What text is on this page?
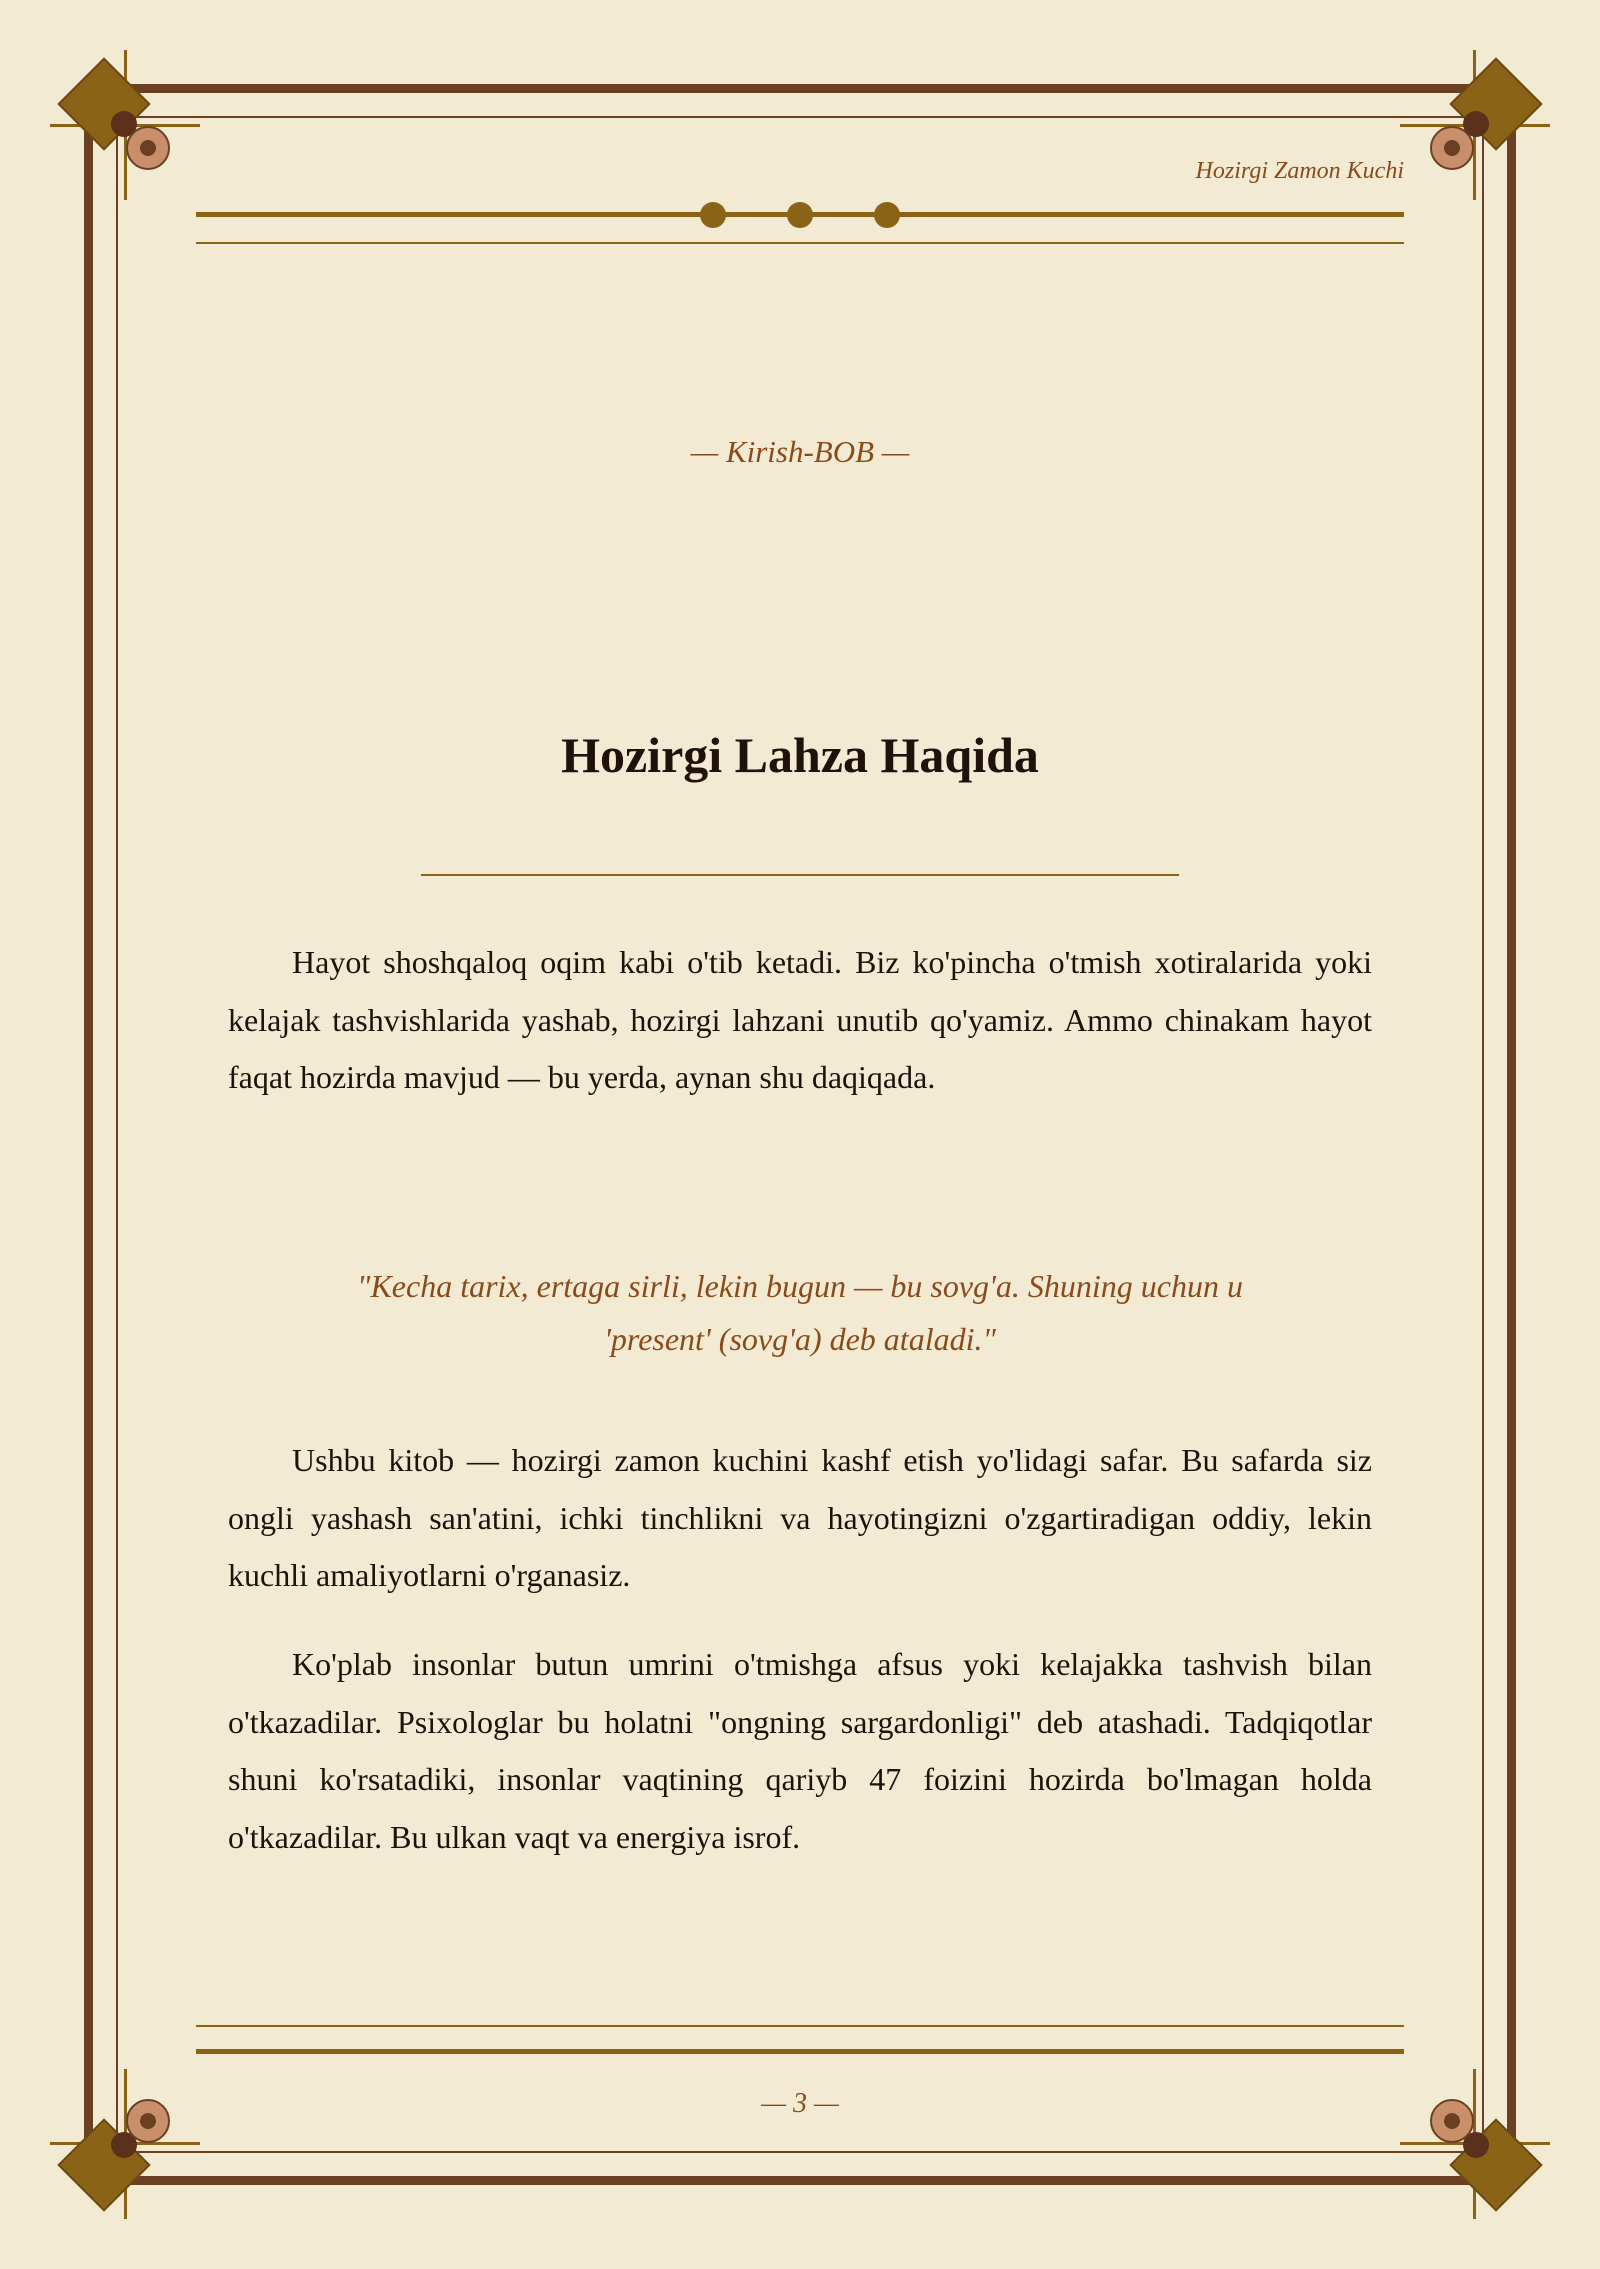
Hozirgi Zamon Kuchi
— Kirish-BOB —
Hozirgi Lahza Haqida

Hayot shoshqaloq oqim kabi o'tib ketadi. Biz ko'pincha o'tmish xotiralarida yoki kelajak tashvishlarida yashab, hozirgi lahzani unutib qo'yamiz. Ammo chinakam hayot faqat hozirda mavjud — bu yerda, aynan shu daqiqada.

"Kecha tarix, ertaga sirli, lekin bugun — bu sovg'a. Shuning uchun u 'present' (sovg'a) deb ataladi."

Ushbu kitob — hozirgi zamon kuchini kashf etish yo'lidagi safar. Bu safarda siz ongli yashash san'atini, ichki tinchlikni va hayotingizni o'zgartiradigan oddiy, lekin kuchli amaliyotlarni o'rganasiz.

Ko'plab insonlar butun umrini o'tmishga afsus yoki kelajakka tashvish bilan o'tkazadilar. Psixologlar bu holatni "ongning sargardonligi" deb atashadi. Tadqiqotlar shuni ko'rsatadiki, insonlar vaqtining qariyb 47 foizini hozirda bo'lmagan holda o'tkazadilar. Bu ulkan vaqt va energiya isrof.

— 3 —
